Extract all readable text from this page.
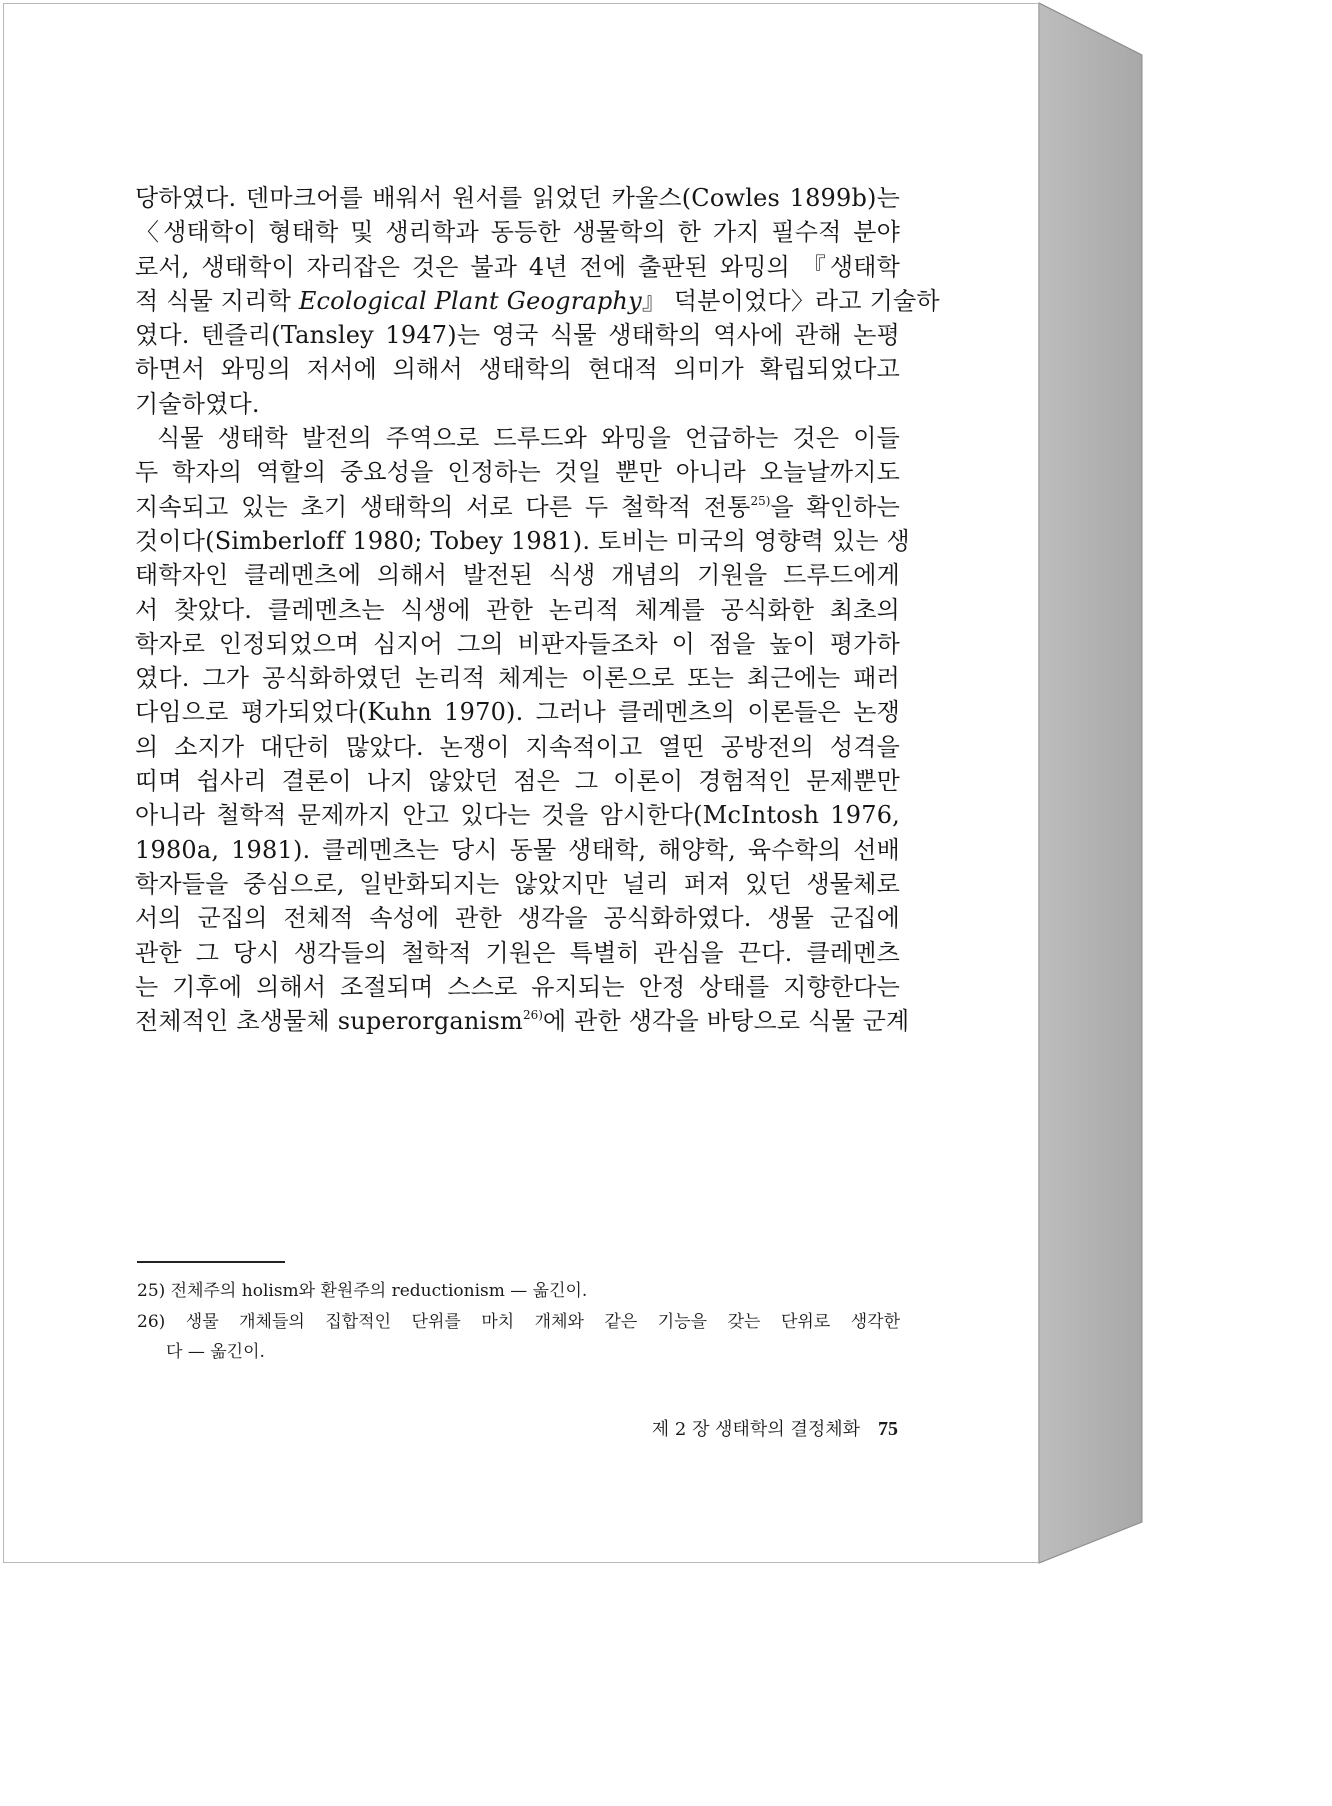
당하였다. 덴마크어를 배워서 원서를 읽었던 카울스(Cowles 1899b)는
〈생태학이 형태학 및 생리학과 동등한 생물학의 한 가지 필수적 분야
로서, 생태학이 자리잡은 것은 불과 4년 전에 출판된 와밍의 『생태학
적 식물 지리학 Ecological Plant Geography』 덕분이었다〉라고 기술하
였다. 텐즐리(Tansley 1947)는 영국 식물 생태학의 역사에 관해 논평
하면서 와밍의 저서에 의해서 생태학의 현대적 의미가 확립되었다고
기술하였다.
식물 생태학 발전의 주역으로 드루드와 와밍을 언급하는 것은 이들
두 학자의 역할의 중요성을 인정하는 것일 뿐만 아니라 오늘날까지도
지속되고 있는 초기 생태학의 서로 다른 두 철학적 전통$^{25)}$을 확인하는
것이다(Simberloff 1980; Tobey 1981). 토비는 미국의 영향력 있는 생
태학자인 클레멘츠에 의해서 발전된 식생 개념의 기원을 드루드에게
서 찾았다. 클레멘츠는 식생에 관한 논리적 체계를 공식화한 최초의
학자로 인정되었으며 심지어 그의 비판자들조차 이 점을 높이 평가하
였다. 그가 공식화하였던 논리적 체계는 이론으로 또는 최근에는 패러
다임으로 평가되었다(Kuhn 1970). 그러나 클레멘츠의 이론들은 논쟁
의 소지가 대단히 많았다. 논쟁이 지속적이고 열띤 공방전의 성격을
띠며 쉽사리 결론이 나지 않았던 점은 그 이론이 경험적인 문제뿐만
아니라 철학적 문제까지 안고 있다는 것을 암시한다(McIntosh 1976,
1980a, 1981). 클레멘츠는 당시 동물 생태학, 해양학, 육수학의 선배
학자들을 중심으로, 일반화되지는 않았지만 널리 퍼져 있던 생물체로
서의 군집의 전체적 속성에 관한 생각을 공식화하였다. 생물 군집에
관한 그 당시 생각들의 철학적 기원은 특별히 관심을 끈다. 클레멘츠
는 기후에 의해서 조절되며 스스로 유지되는 안정 상태를 지향한다는
전체적인 초생물체 superorganism$^{26)}$에 관한 생각을 바탕으로 식물 군계
25) 전체주의 holism와 환원주의 reductionism — 옮긴이.
26) 생물 개체들의 집합적인 단위를 마치 개체와 같은 기능을 갖는 단위로 생각한
다 — 옮긴이.
제 2 장 생태학의 결정체화 75
